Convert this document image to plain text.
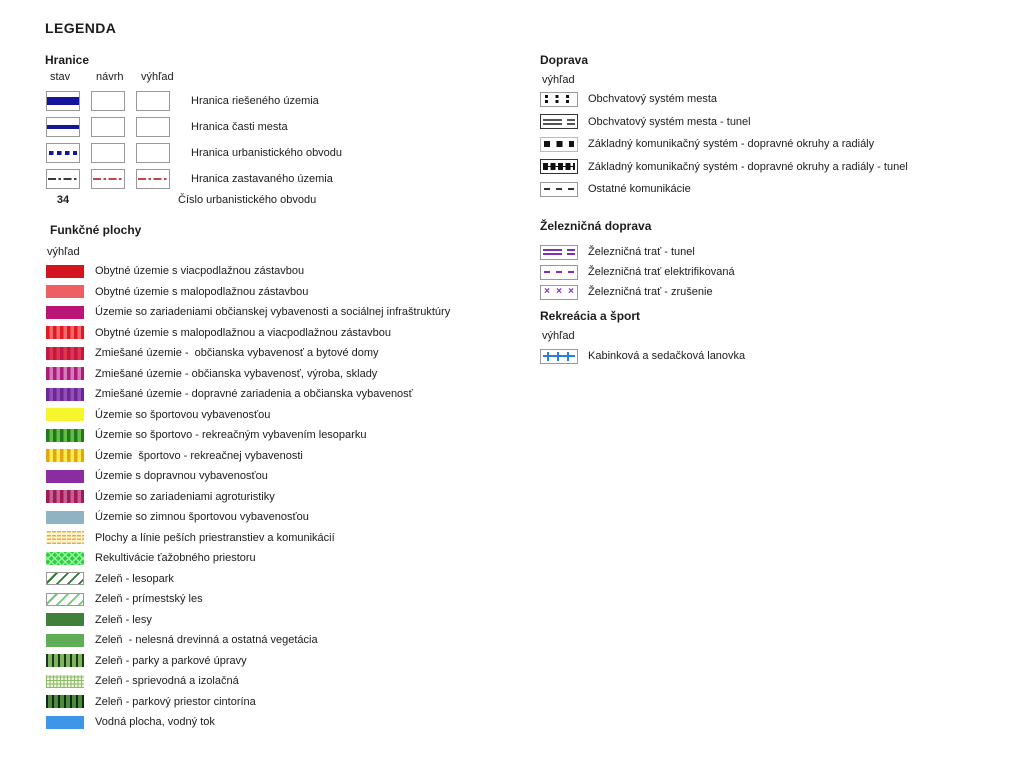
LEGENDA
Hranice
stav	návrh	výhľad
Hranica riešeného územia
Hranica časti mesta
Hranica urbanistického obvodu
Hranica zastavaného územia
34	Číslo urbanistického obvodu
Funkčné plochy
výhľad
Obytné územie s viacpodlažnou zástavbou
Obytné územie s malopodlažnou zástavbou
Územie so zariadeniami občianskej vybavenosti a sociálnej infraštruktúry
Obytné územie s malopodlažnou a viacpodlažnou zástavbou
Zmiešané územie -  občianska vybavenosť a bytové domy
Zmiešané územie - občianska vybavenosť, výroba, sklady
Zmiešané územie - dopravné zariadenia a občianska vybavenosť
Územie so športovou vybavenosťou
Územie so športovo - rekreačným vybavením lesoparku
Územie  športovo - rekreačnej vybavenosti
Územie s dopravnou vybavenosťou
Územie so zariadeniami agroturistiky
Územie so zimnou športovou vybavenosťou
Plochy a línie peších priestranstiev a komunikácií
Rekultivácie ťažobného priestoru
Zeleň - lesopark
Zeleň - prímestský les
Zeleň - lesy
Zeleň  - nelesná drevinná a ostatná vegetácia
Zeleň - parky a parkové úpravy
Zeleň - sprievodná a izolačná
Zeleň - parkový priestor cintorína
Vodná plocha, vodný tok
Doprava
výhľad
Obchvatový systém mesta
Obchvatový systém mesta - tunel
Základný komunikačný systém - dopravné okruhy a radiály
Základný komunikačný systém - dopravné okruhy a radiály - tunel
Ostatné komunikácie
Železničná doprava
Železničná trať - tunel
Železničná trať elektrifikovaná
× × × Železničná trať - zrušenie
Rekreácia a šport
výhľad
Kabinková a sedačková lanovka
